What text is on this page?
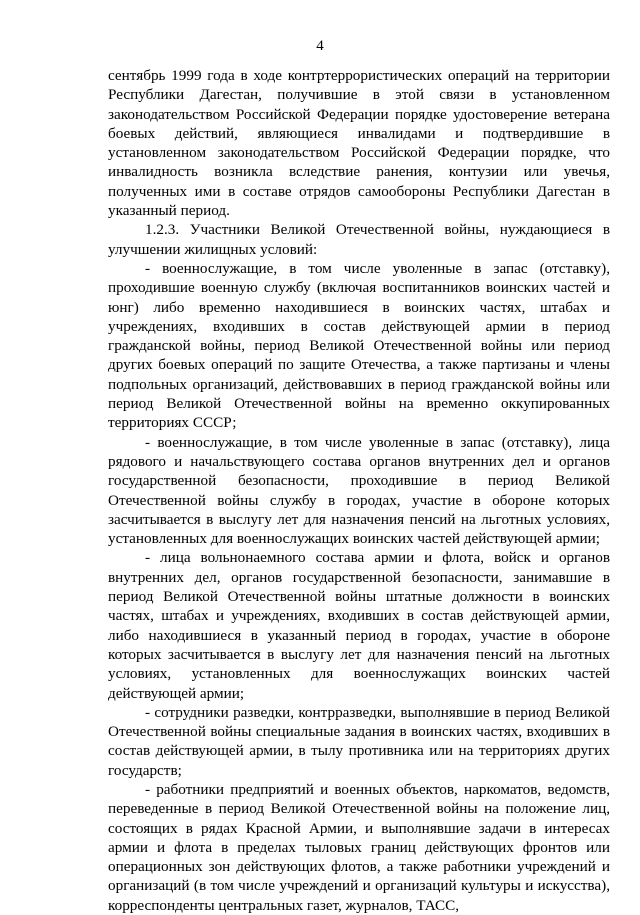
4

сентябрь 1999 года в ходе контртеррористических операций на территории Республики Дагестан, получившие в этой связи в установленном законодательством Российской Федерации порядке удостоверение ветерана боевых действий, являющиеся инвалидами и подтвердившие в установленном законодательством Российской Федерации порядке, что инвалидность возникла вследствие ранения, контузии или увечья, полученных ими в составе отрядов самообороны Республики Дагестан в указанный период.

1.2.3. Участники Великой Отечественной войны, нуждающиеся в улучшении жилищных условий:

- военнослужащие, в том числе уволенные в запас (отставку), проходившие военную службу (включая воспитанников воинских частей и юнг) либо временно находившиеся в воинских частях, штабах и учреждениях, входивших в состав действующей армии в период гражданской войны, период Великой Отечественной войны или период других боевых операций по защите Отечества, а также партизаны и члены подпольных организаций, действовавших в период гражданской войны или период Великой Отечественной войны на временно оккупированных территориях СССР;

- военнослужащие, в том числе уволенные в запас (отставку), лица рядового и начальствующего состава органов внутренних дел и органов государственной безопасности, проходившие в период Великой Отечественной войны службу в городах, участие в обороне которых засчитывается в выслугу лет для назначения пенсий на льготных условиях, установленных для военнослужащих воинских частей действующей армии;

- лица вольнонаемного состава армии и флота, войск и органов внутренних дел, органов государственной безопасности, занимавшие в период Великой Отечественной войны штатные должности в воинских частях, штабах и учреждениях, входивших в состав действующей армии, либо находившиеся в указанный период в городах, участие в обороне которых засчитывается в выслугу лет для назначения пенсий на льготных условиях, установленных для военнослужащих воинских частей действующей армии;

- сотрудники разведки, контрразведки, выполнявшие в период Великой Отечественной войны специальные задания в воинских частях, входивших в состав действующей армии, в тылу противника или на территориях других государств;

- работники предприятий и военных объектов, наркоматов, ведомств, переведенные в период Великой Отечественной войны на положение лиц, состоящих в рядах Красной Армии, и выполнявшие задачи в интересах армии и флота в пределах тыловых границ действующих фронтов или операционных зон действующих флотов, а также работники учреждений и организаций (в том числе учреждений и организаций культуры и искусства), корреспонденты центральных газет, журналов, ТАСС,
